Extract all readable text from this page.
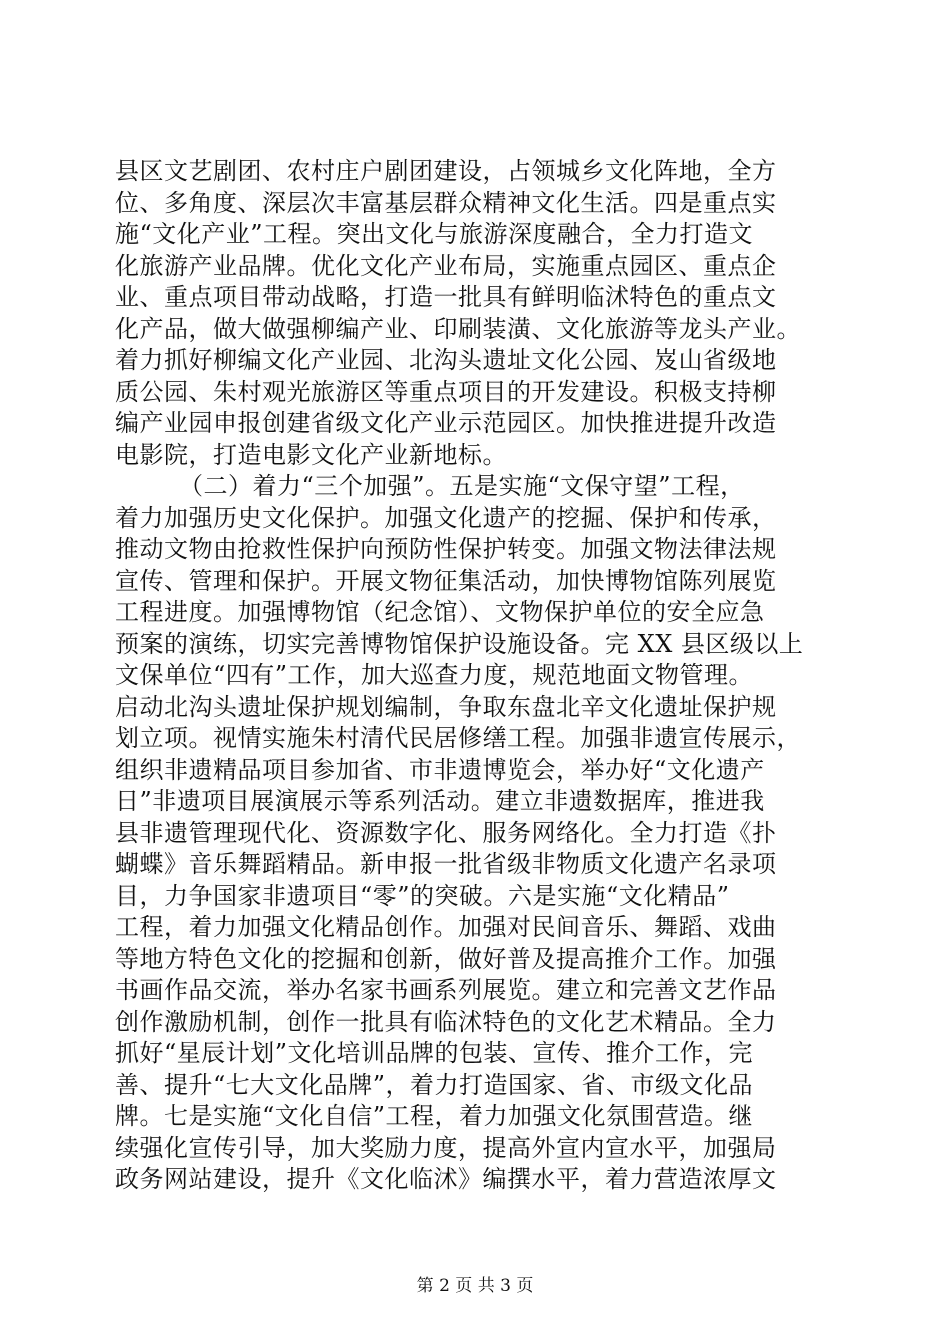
县区文艺剧团、农村庄户剧团建设，占领城乡文化阵地，全方
位、多角度、深层次丰富基层群众精神文化生活。四是重点实
施“文化产业”工程。突出文化与旅游深度融合，全力打造文
化旅游产业品牌。优化文化产业布局，实施重点园区、重点企
业、重点项目带动战略，打造一批具有鲜明临沭特色的重点文
化产品，做大做强柳编产业、印刷装潢、文化旅游等龙头产业。
着力抓好柳编文化产业园、北沟头遗址文化公园、岌山省级地
质公园、朱村观光旅游区等重点项目的开发建设。积极支持柳
编产业园申报创建省级文化产业示范园区。加快推进提升改造
电影院，打造电影文化产业新地标。
（二）着力“三个加强”。五是实施“文保守望”工程，
着力加强历史文化保护。加强文化遗产的挖掘、保护和传承，
推动文物由抢救性保护向预防性保护转变。加强文物法律法规
宣传、管理和保护。开展文物征集活动，加快博物馆陈列展览
工程进度。加强博物馆（纪念馆）、文物保护单位的安全应急
预案的演练，切实完善博物馆保护设施设备。完 XX 县区级以上
文保单位“四有”工作，加大巡查力度，规范地面文物管理。
启动北沟头遗址保护规划编制，争取东盘北辛文化遗址保护规
划立项。视情实施朱村清代民居修缮工程。加强非遗宣传展示，
组织非遗精品项目参加省、市非遗博览会，举办好“文化遗产
日”非遗项目展演展示等系列活动。建立非遗数据库，推进我
县非遗管理现代化、资源数字化、服务网络化。全力打造《扑
蝴蝶》音乐舞蹈精品。新申报一批省级非物质文化遗产名录项
目，力争国家非遗项目“零”的突破。六是实施“文化精品”
工程，着力加强文化精品创作。加强对民间音乐、舞蹈、戏曲
等地方特色文化的挖掘和创新，做好普及提高推介工作。加强
书画作品交流，举办名家书画系列展览。建立和完善文艺作品
创作激励机制，创作一批具有临沭特色的文化艺术精品。全力
抓好“星辰计划”文化培训品牌的包装、宣传、推介工作，完
善、提升“七大文化品牌”，着力打造国家、省、市级文化品
牌。七是实施“文化自信”工程，着力加强文化氛围营造。继
续强化宣传引导，加大奖励力度，提高外宣内宣水平，加强局
政务网站建设，提升《文化临沭》编撰水平，着力营造浓厚文
第 2 页 共 3 页
